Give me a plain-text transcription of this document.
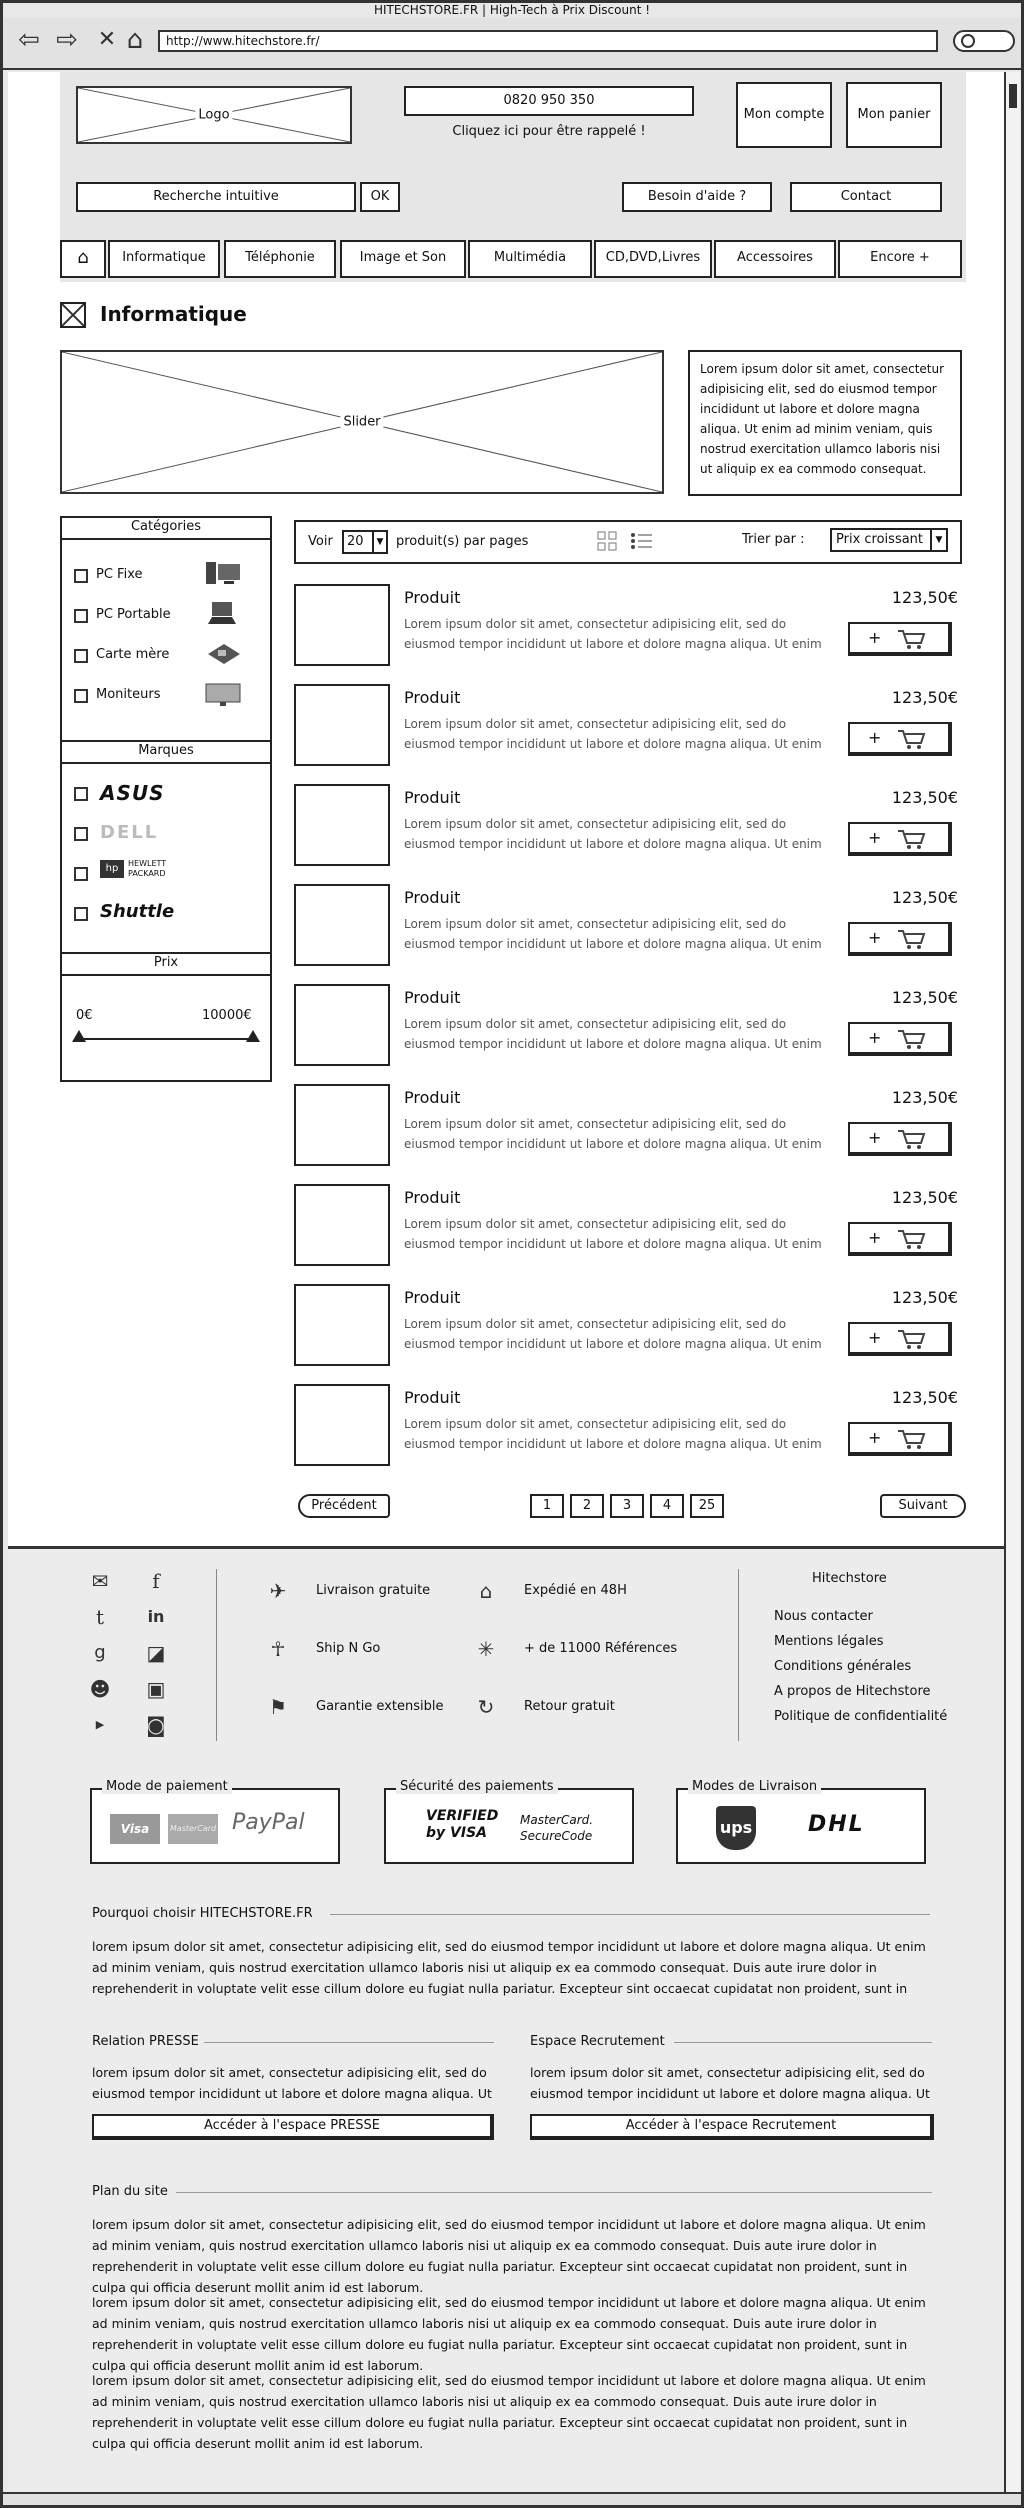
HITECHSTORE.FR | High-Tech à Prix Discount !
⇦ ⇨ ✕ ⌂	http://www.hitechstore.fr/
Logo
0820 950 350
Cliquez ici pour être rappelé !
Mon compte	Mon panier
Recherche intuitive	OK	Besoin d'aide ?	Contact
⌂	Informatique	Téléphonie	Image et Son	Multimédia	CD,DVD,Livres	Accessoires	Encore +
Informatique
Slider
Lorem ipsum dolor sit amet, consectetur adipisicing elit, sed do eiusmod tempor incididunt ut labore et dolore magna aliqua. Ut enim ad minim veniam, quis nostrud exercitation ullamco laboris nisi ut aliquip ex ea commodo consequat.
Catégories
PC Fixe
PC Portable
Carte mère
Moniteurs
Marques
ASUS
DELL
hp	HEWLETT PACKARD
Shuttle
Prix
0€	10000€
Voir	20	▼ produit(s) par pages	Trier par :	Prix croissant	▼
Produit
Lorem ipsum dolor sit amet, consectetur adipisicing elit, sed do eiusmod tempor incididunt ut labore et dolore magna aliqua. Ut enim
123,50€
+
Produit
Lorem ipsum dolor sit amet, consectetur adipisicing elit, sed do eiusmod tempor incididunt ut labore et dolore magna aliqua. Ut enim
123,50€
+
Produit
Lorem ipsum dolor sit amet, consectetur adipisicing elit, sed do eiusmod tempor incididunt ut labore et dolore magna aliqua. Ut enim
123,50€
+
Produit
Lorem ipsum dolor sit amet, consectetur adipisicing elit, sed do eiusmod tempor incididunt ut labore et dolore magna aliqua. Ut enim
123,50€
+
Produit
Lorem ipsum dolor sit amet, consectetur adipisicing elit, sed do eiusmod tempor incididunt ut labore et dolore magna aliqua. Ut enim
123,50€
+
Produit
Lorem ipsum dolor sit amet, consectetur adipisicing elit, sed do eiusmod tempor incididunt ut labore et dolore magna aliqua. Ut enim
123,50€
+
Produit
Lorem ipsum dolor sit amet, consectetur adipisicing elit, sed do eiusmod tempor incididunt ut labore et dolore magna aliqua. Ut enim
123,50€
+
Produit
Lorem ipsum dolor sit amet, consectetur adipisicing elit, sed do eiusmod tempor incididunt ut labore et dolore magna aliqua. Ut enim
123,50€
+
Produit
Lorem ipsum dolor sit amet, consectetur adipisicing elit, sed do eiusmod tempor incididunt ut labore et dolore magna aliqua. Ut enim
123,50€
+
Précédent	1	2	3	4	25	Suivant
✉	f
t	in
g	◪
☻ ▣
▶	◙
✈ Livraison gratuite ⌂	Expédié en 48H
☥	Ship N Go	✳ + de 11000 Références
⚑ Garantie extensible ↻ Retour gratuit
Hitechstore
Nous contacter
Mentions légales
Conditions générales
A propos de Hitechstore
Politique de confidentialité
Mode de paiement
Visa	MasterCard PayPal
Sécurité des paiements
VERIFIED by VISA
MasterCard. SecureCode
Modes de Livraison
ups	DHL
Pourquoi choisir HITECHSTORE.FR
lorem ipsum dolor sit amet, consectetur adipisicing elit, sed do eiusmod tempor incididunt ut labore et dolore magna aliqua. Ut enim ad minim veniam, quis nostrud exercitation ullamco laboris nisi ut aliquip ex ea commodo consequat. Duis aute irure dolor in reprehenderit in voluptate velit esse cillum dolore eu fugiat nulla pariatur. Excepteur sint occaecat cupidatat non proident, sunt in
Relation PRESSE
lorem ipsum dolor sit amet, consectetur adipisicing elit, sed do eiusmod tempor incididunt ut labore et dolore magna aliqua. Ut
Accéder à l'espace PRESSE
Espace Recrutement
lorem ipsum dolor sit amet, consectetur adipisicing elit, sed do eiusmod tempor incididunt ut labore et dolore magna aliqua. Ut
Accéder à l'espace Recrutement
Plan du site
lorem ipsum dolor sit amet, consectetur adipisicing elit, sed do eiusmod tempor incididunt ut labore et dolore magna aliqua. Ut enim ad minim veniam, quis nostrud exercitation ullamco laboris nisi ut aliquip ex ea commodo consequat. Duis aute irure dolor in reprehenderit in voluptate velit esse cillum dolore eu fugiat nulla pariatur. Excepteur sint occaecat cupidatat non proident, sunt in culpa qui officia deserunt mollit anim id est laborum.
lorem ipsum dolor sit amet, consectetur adipisicing elit, sed do eiusmod tempor incididunt ut labore et dolore magna aliqua. Ut enim ad minim veniam, quis nostrud exercitation ullamco laboris nisi ut aliquip ex ea commodo consequat. Duis aute irure dolor in reprehenderit in voluptate velit esse cillum dolore eu fugiat nulla pariatur. Excepteur sint occaecat cupidatat non proident, sunt in culpa qui officia deserunt mollit anim id est laborum.
lorem ipsum dolor sit amet, consectetur adipisicing elit, sed do eiusmod tempor incididunt ut labore et dolore magna aliqua. Ut enim ad minim veniam, quis nostrud exercitation ullamco laboris nisi ut aliquip ex ea commodo consequat. Duis aute irure dolor in reprehenderit in voluptate velit esse cillum dolore eu fugiat nulla pariatur. Excepteur sint occaecat cupidatat non proident, sunt in culpa qui officia deserunt mollit anim id est laborum.
